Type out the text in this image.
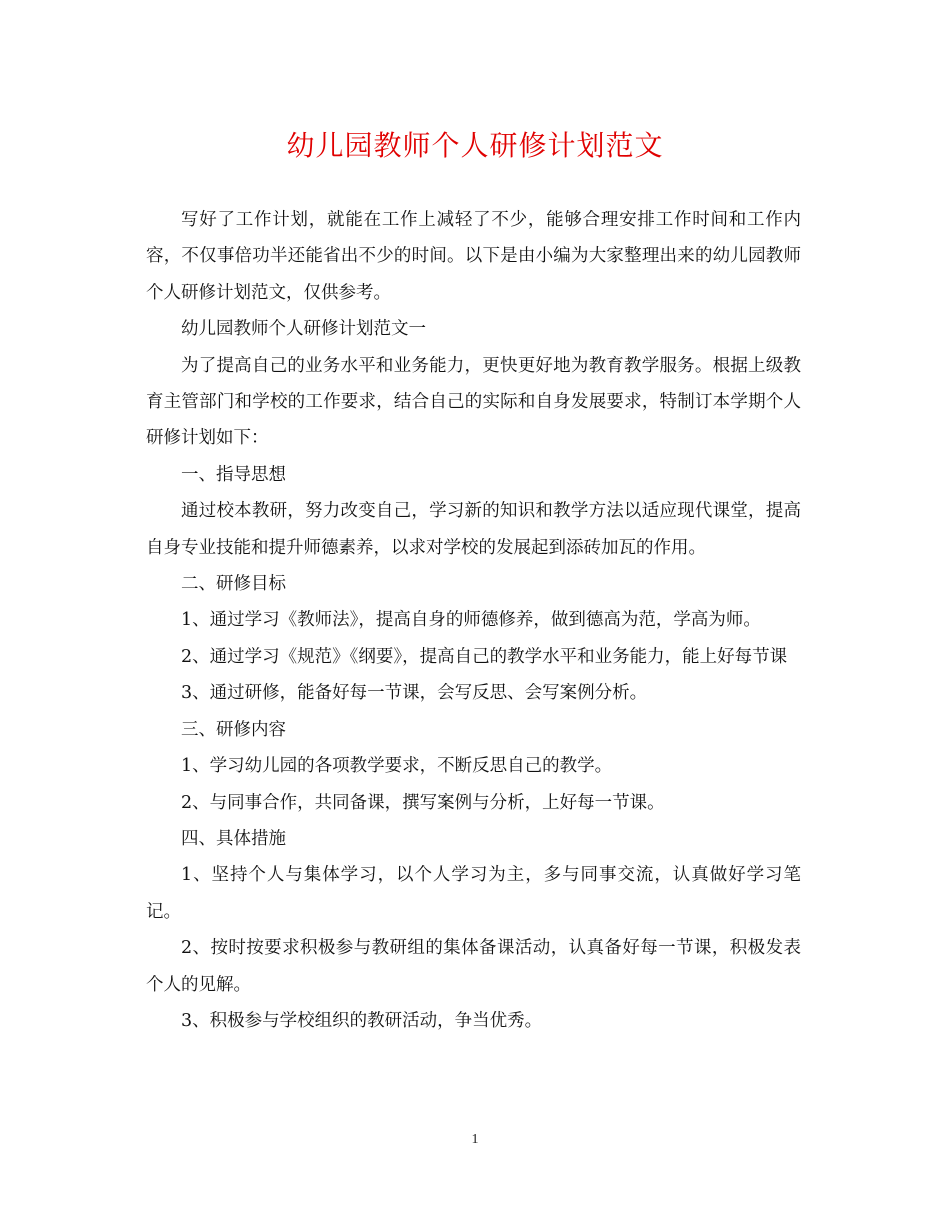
幼儿园教师个人研修计划范文

写好了工作计划，就能在工作上减轻了不少，能够合理安排工作时间和工作内容，不仅事倍功半还能省出不少的时间。以下是由小编为大家整理出来的幼儿园教师个人研修计划范文，仅供参考。

幼儿园教师个人研修计划范文一

为了提高自己的业务水平和业务能力，更快更好地为教育教学服务。根据上级教育主管部门和学校的工作要求，结合自己的实际和自身发展要求，特制订本学期个人研修计划如下：

一、指导思想

通过校本教研，努力改变自己，学习新的知识和教学方法以适应现代课堂，提高自身专业技能和提升师德素养，以求对学校的发展起到添砖加瓦的作用。

二、研修目标

1、通过学习《教师法》，提高自身的师德修养，做到德高为范，学高为师。

2、通过学习《规范》《纲要》，提高自己的教学水平和业务能力，能上好每节课

3、通过研修，能备好每一节课，会写反思、会写案例分析。

三、研修内容

1、学习幼儿园的各项教学要求，不断反思自己的教学。

2、与同事合作，共同备课，撰写案例与分析，上好每一节课。

四、具体措施

1、坚持个人与集体学习，以个人学习为主，多与同事交流，认真做好学习笔记。

2、按时按要求积极参与教研组的集体备课活动，认真备好每一节课，积极发表个人的见解。

3、积极参与学校组织的教研活动，争当优秀。

1
